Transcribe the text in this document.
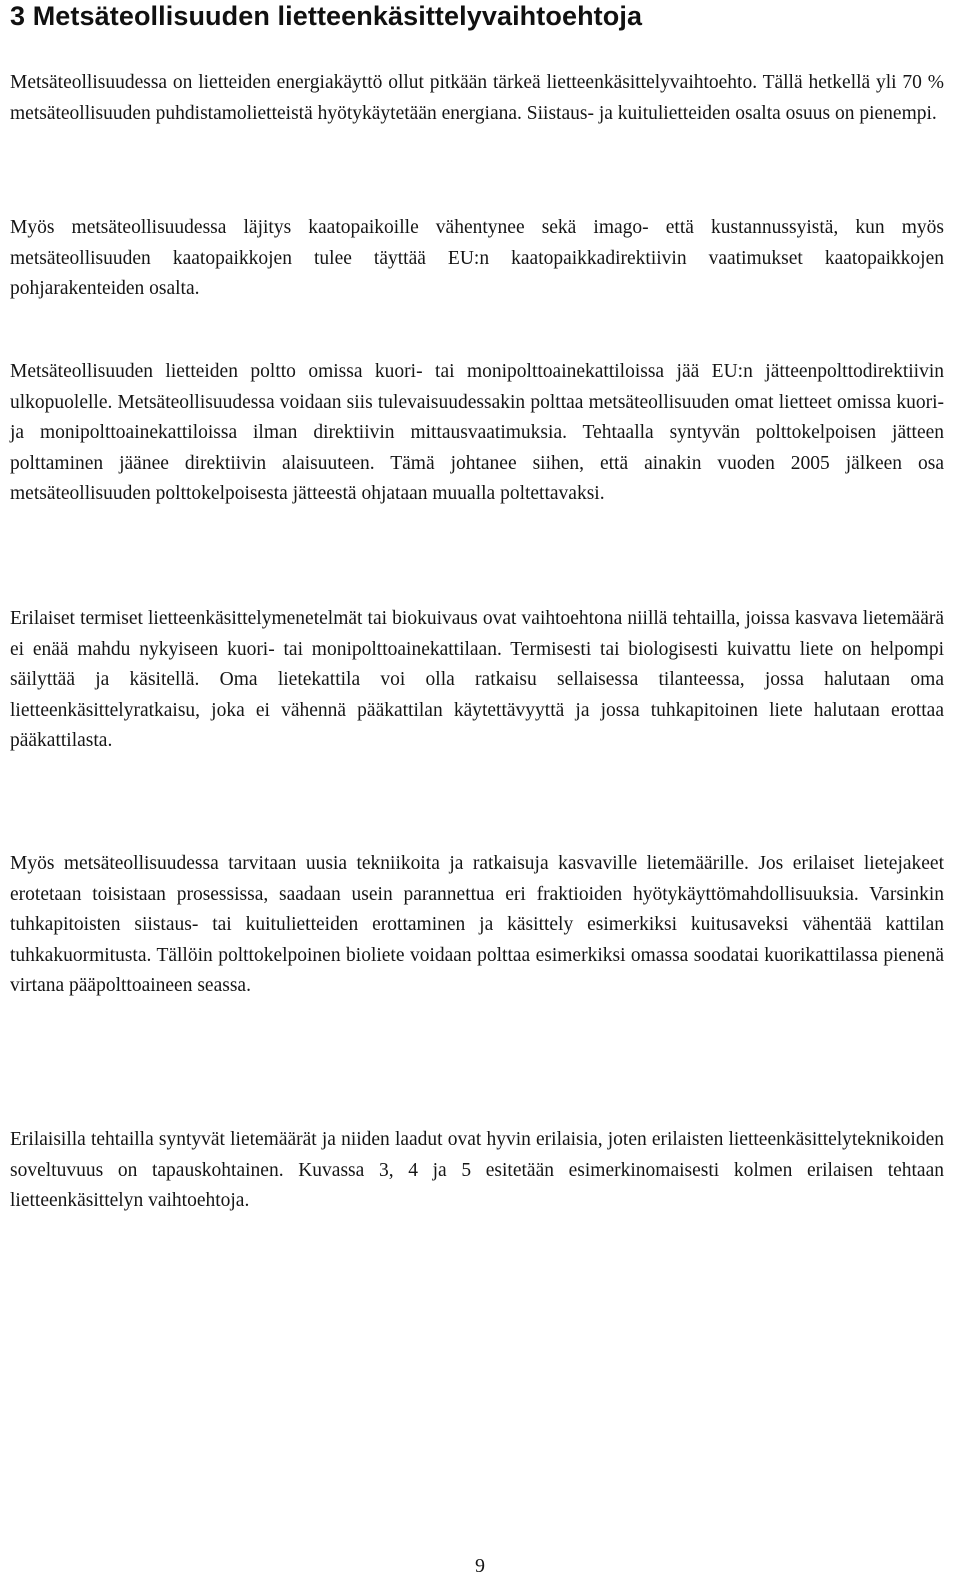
3 Metsäteollisuuden lietteenkäsittelyvaihtoehtoja

Metsäteollisuudessa on lietteiden energiakäyttö ollut pitkään tärkeä lietteenkäsittelyvaihtoehto. Tällä hetkellä yli 70 % metsäteollisuuden puhdistamolietteistä hyötykäytetään energiana. Siistaus- ja kuitulietteiden osalta osuus on pienempi.

Myös metsäteollisuudessa läjitys kaatopaikoille vähentynee sekä imago- että kustannussyistä, kun myös metsäteollisuuden kaatopaikkojen tulee täyttää EU:n kaatopaikkadirektiivin vaatimukset kaatopaikkojen pohjarakenteiden osalta.

Metsäteollisuuden lietteiden poltto omissa kuori- tai monipolttoainekattiloissa jää EU:n jätteenpolttodirektiivin ulkopuolelle. Metsäteollisuudessa voidaan siis tulevaisuudessakin polttaa metsäteollisuuden omat lietteet omissa kuori- ja monipolttoainekattiloissa ilman direktiivin mittausvaatimuksia. Tehtaalla syntyvän polttokelpoisen jätteen polttaminen jäänee direktiivin alaisuuteen. Tämä johtanee siihen, että ainakin vuoden 2005 jälkeen osa metsäteollisuuden polttokelpoisesta jätteestä ohjataan muualla poltettavaksi.

Erilaiset termiset lietteenkäsittelymenetelmät tai biokuivaus ovat vaihtoehtona niillä tehtailla, joissa kasvava lietemäärä ei enää mahdu nykyiseen kuori- tai monipolttoainekattilaan. Termisesti tai biologisesti kuivattu liete on helpompi säilyttää ja käsitellä. Oma lietekattila voi olla ratkaisu sellaisessa tilanteessa, jossa halutaan oma lietteenkäsittelyratkaisu, joka ei vähennä pääkattilan käytettävyyttä ja jossa tuhkapitoinen liete halutaan erottaa pääkattilasta.

Myös metsäteollisuudessa tarvitaan uusia tekniikoita ja ratkaisuja kasvaville lietemäärille. Jos erilaiset lietejakeet erotetaan toisistaan prosessissa, saadaan usein parannettua eri fraktioiden hyötykäyttömahdollisuuksia. Varsinkin tuhkapitoisten siistaus- tai kuitulietteiden erottaminen ja käsittely esimerkiksi kuitusaveksi vähentää kattilan tuhkakuormitusta. Tällöin polttokelpoinen bioliete voidaan polttaa esimerkiksi omassa soodatai kuorikattilassa pienenä virtana pääpolttoaineen seassa.

Erilaisilla tehtailla syntyvät lietemäärät ja niiden laadut ovat hyvin erilaisia, joten erilaisten lietteenkäsittelyteknikoiden soveltuvuus on tapauskohtainen. Kuvassa 3, 4 ja 5 esitetään esimerkinomaisesti kolmen erilaisen tehtaan lietteenkäsittelyn vaihtoehtoja.

9
